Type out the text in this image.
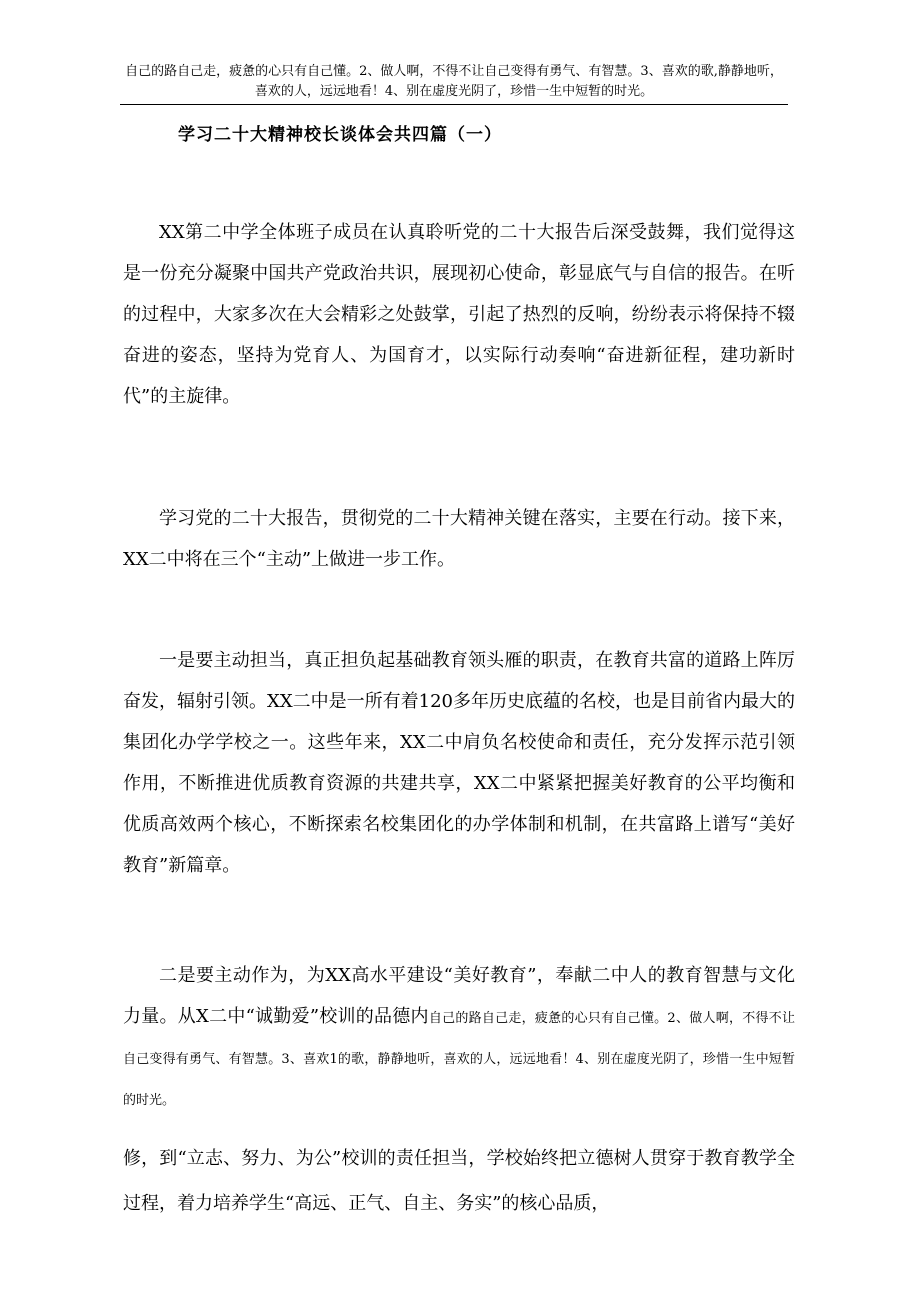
自己的路自己走，疲惫的心只有自己懂。2、做人啊，不得不让自己变得有勇气、有智慧。3、喜欢的歌,静静地听，喜欢的人，远远地看！4、别在虚度光阴了，珍惜一生中短暂的时光。
学习二十大精神校长谈体会共四篇（一）

XX第二中学全体班子成员在认真聆听党的二十大报告后深受鼓舞，我们觉得这是一份充分凝聚中国共产党政治共识，展现初心使命，彰显底气与自信的报告。在听的过程中，大家多次在大会精彩之处鼓掌，引起了热烈的反响，纷纷表示将保持不辍奋进的姿态，坚持为党育人、为国育才，以实际行动奏响“奋进新征程，建功新时代”的主旋律。

学习党的二十大报告，贯彻党的二十大精神关键在落实，主要在行动。接下来，XX二中将在三个“主动”上做进一步工作。

一是要主动担当，真正担负起基础教育领头雁的职责，在教育共富的道路上阵厉奋发，辐射引领。XX二中是一所有着120多年历史底蕴的名校，也是目前省内最大的集团化办学学校之一。这些年来，XX二中肩负名校使命和责任，充分发挥示范引领作用，不断推进优质教育资源的共建共享，XX二中紧紧把握美好教育的公平均衡和优质高效两个核心，不断探索名校集团化的办学体制和机制，在共富路上谱写“美好教育”新篇章。

二是要主动作为，为XX高水平建设“美好教育”，奉献二中人的教育智慧与文化力量。从X二中“诚勤爱”校训的品德内自己的路自己走，疲惫的心只有自己懂。2、做人啊，不得不让自己变得有勇气、有智慧。3、喜欢1的歌，静静地听，喜欢的人，远远地看！4、别在虚度光阴了，珍惜一生中短暂的时光。

修，到“立志、努力、为公”校训的责任担当，学校始终把立德树人贯穿于教育教学全过程，着力培养学生“高远、正气、自主、务实”的核心品质，
